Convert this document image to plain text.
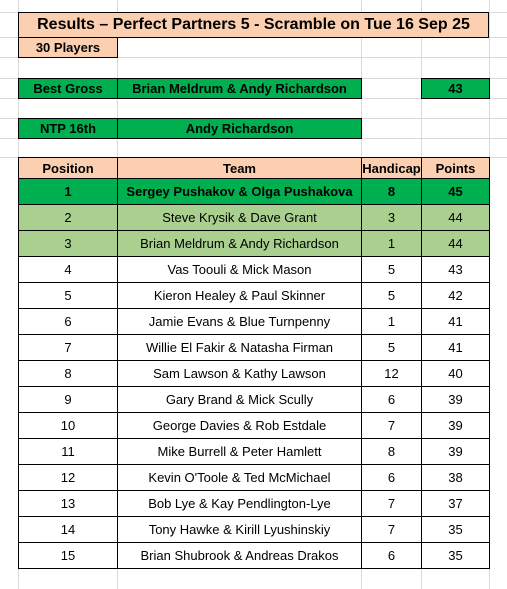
Results – Perfect Partners 5 - Scramble on Tue 16 Sep 25
30 Players
Best Gross	Brian Meldrum & Andy Richardson	43
NTP 16th	Andy Richardson
Position	Team	Handicap	Points
1	Sergey Pushakov & Olga Pushakova	8	45
2	Steve Krysik & Dave Grant	3	44
3	Brian Meldrum & Andy Richardson	1	44
4	Vas Toouli & Mick Mason	5	43
5	Kieron Healey & Paul Skinner	5	42
6	Jamie Evans & Blue Turnpenny	1	41
7	Willie El Fakir & Natasha Firman	5	41
8	Sam Lawson & Kathy Lawson	12	40
9	Gary Brand & Mick Scully	6	39
10	George Davies & Rob Estdale	7	39
11	Mike Burrell & Peter Hamlett	8	39
12	Kevin O'Toole & Ted McMichael	6	38
13	Bob Lye & Kay Pendlington-Lye	7	37
14	Tony Hawke & Kirill Lyushinskiy	7	35
15	Brian Shubrook & Andreas Drakos	6	35
